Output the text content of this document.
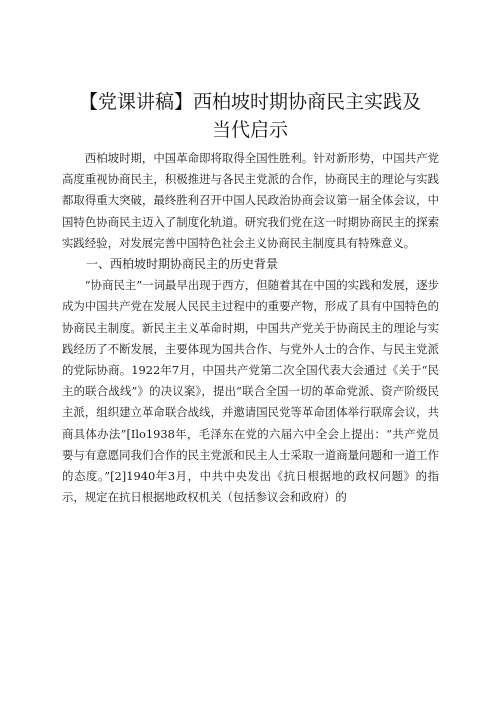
【党课讲稿】西柏坡时期协商民主实践及当代启示

西柏坡时期，中国革命即将取得全国性胜利。针对新形势，中国共产党高度重视协商民主，积极推进与各民主党派的合作，协商民主的理论与实践都取得重大突破，最终胜利召开中国人民政治协商会议第一届全体会议，中国特色协商民主迈入了制度化轨道。研究我们党在这一时期协商民主的探索实践经验，对发展完善中国特色社会主义协商民主制度具有特殊意义。

一、西柏坡时期协商民主的历史背景

“协商民主”一词最早出现于西方，但随着其在中国的实践和发展，逐步成为中国共产党在发展人民民主过程中的重要产物，形成了具有中国特色的协商民主制度。新民主主义革命时期，中国共产党关于协商民主的理论与实践经历了不断发展，主要体现为国共合作、与党外人士的合作、与民主党派的党际协商。1922年7月，中国共产党第二次全国代表大会通过《关于“民主的联合战线”》的决议案》，提出“联合全国一切的革命党派、资产阶级民主派，组织建立革命联合战线，并邀请国民党等革命团体举行联席会议，共商具体办法”[Ilo1938年，毛泽东在党的六届六中全会上提出：“共产党员要与有意愿同我们合作的民主党派和民主人士采取一道商量问题和一道工作的态度。”[2]1940年3月，中共中央发出《抗日根据地的政权问题》的指示，规定在抗日根据地政权机关（包括参议会和政府）的
